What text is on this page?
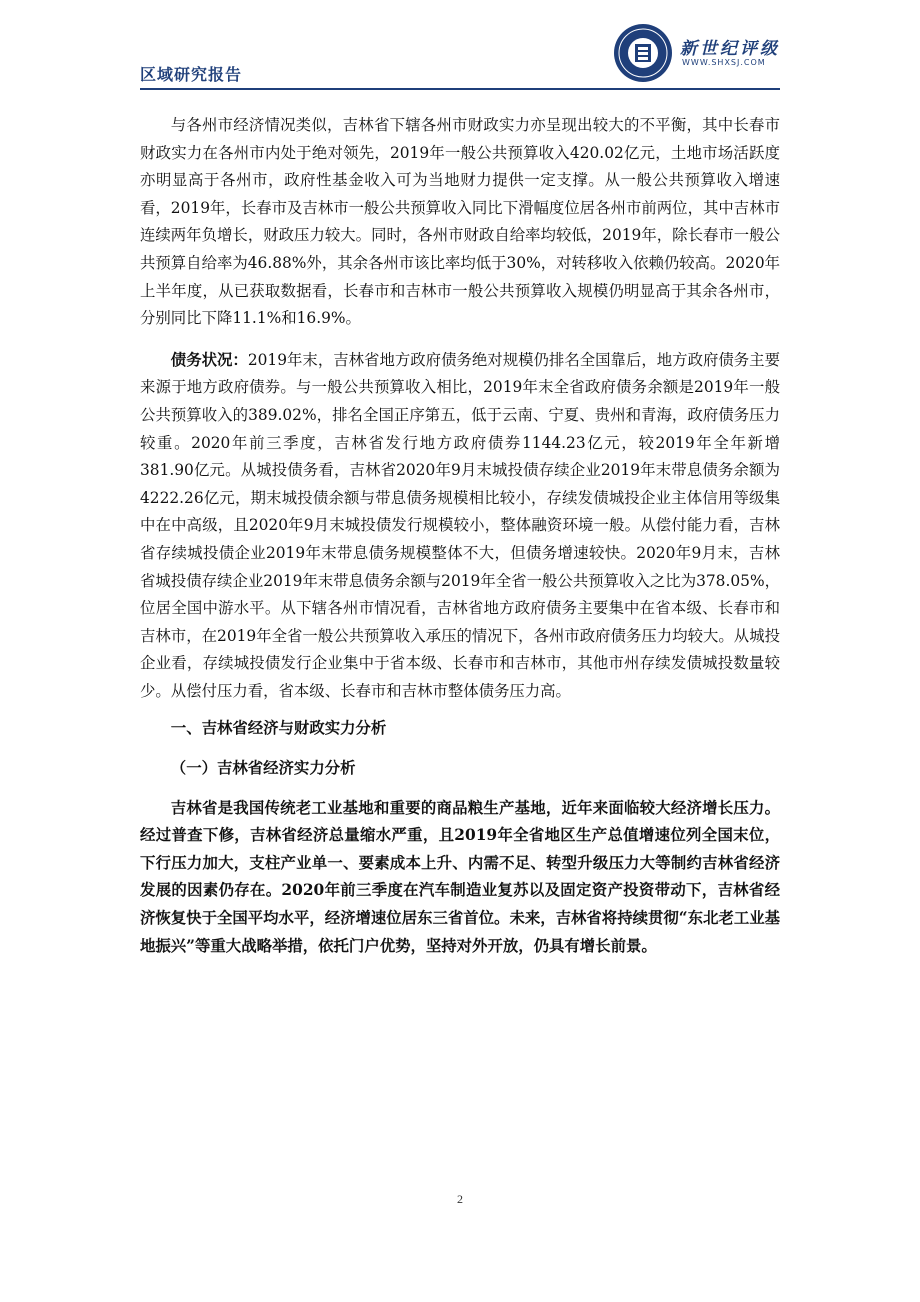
区域研究报告
新世纪评级
WWW.SHXSJ.COM

与各州市经济情况类似，吉林省下辖各州市财政实力亦呈现出较大的不平衡，其中长春市财政实力在各州市内处于绝对领先，2019年一般公共预算收入420.02亿元，土地市场活跃度亦明显高于各州市，政府性基金收入可为当地财力提供一定支撑。从一般公共预算收入增速看，2019年，长春市及吉林市一般公共预算收入同比下滑幅度位居各州市前两位，其中吉林市连续两年负增长，财政压力较大。同时，各州市财政自给率均较低，2019年，除长春市一般公共预算自给率为46.88%外，其余各州市该比率均低于30%，对转移收入依赖仍较高。2020年上半年度，从已获取数据看，长春市和吉林市一般公共预算收入规模仍明显高于其余各州市，分别同比下降11.1%和16.9%。

债务状况：2019年末，吉林省地方政府债务绝对规模仍排名全国靠后，地方政府债务主要来源于地方政府债券。与一般公共预算收入相比，2019年末全省政府债务余额是2019年一般公共预算收入的389.02%，排名全国正序第五，低于云南、宁夏、贵州和青海，政府债务压力较重。2020年前三季度，吉林省发行地方政府债券1144.23亿元，较2019年全年新增381.90亿元。从城投债务看，吉林省2020年9月末城投债存续企业2019年末带息债务余额为4222.26亿元，期末城投债余额与带息债务规模相比较小，存续发债城投企业主体信用等级集中在中高级，且2020年9月末城投债发行规模较小，整体融资环境一般。从偿付能力看，吉林省存续城投债企业2019年末带息债务规模整体不大，但债务增速较快。2020年9月末，吉林省城投债存续企业2019年末带息债务余额与2019年全省一般公共预算收入之比为378.05%，位居全国中游水平。从下辖各州市情况看，吉林省地方政府债务主要集中在省本级、长春市和吉林市，在2019年全省一般公共预算收入承压的情况下，各州市政府债务压力均较大。从城投企业看，存续城投债发行企业集中于省本级、长春市和吉林市，其他市州存续发债城投数量较少。从偿付压力看，省本级、长春市和吉林市整体债务压力高。

一、吉林省经济与财政实力分析
（一）吉林省经济实力分析

吉林省是我国传统老工业基地和重要的商品粮生产基地，近年来面临较大经济增长压力。经过普查下修，吉林省经济总量缩水严重，且2019年全省地区生产总值增速位列全国末位，下行压力加大，支柱产业单一、要素成本上升、内需不足、转型升级压力大等制约吉林省经济发展的因素仍存在。2020年前三季度在汽车制造业复苏以及固定资产投资带动下，吉林省经济恢复快于全国平均水平，经济增速位居东三省首位。未来，吉林省将持续贯彻“东北老工业基地振兴”等重大战略举措，依托门户优势，坚持对外开放，仍具有增长前景。

2
